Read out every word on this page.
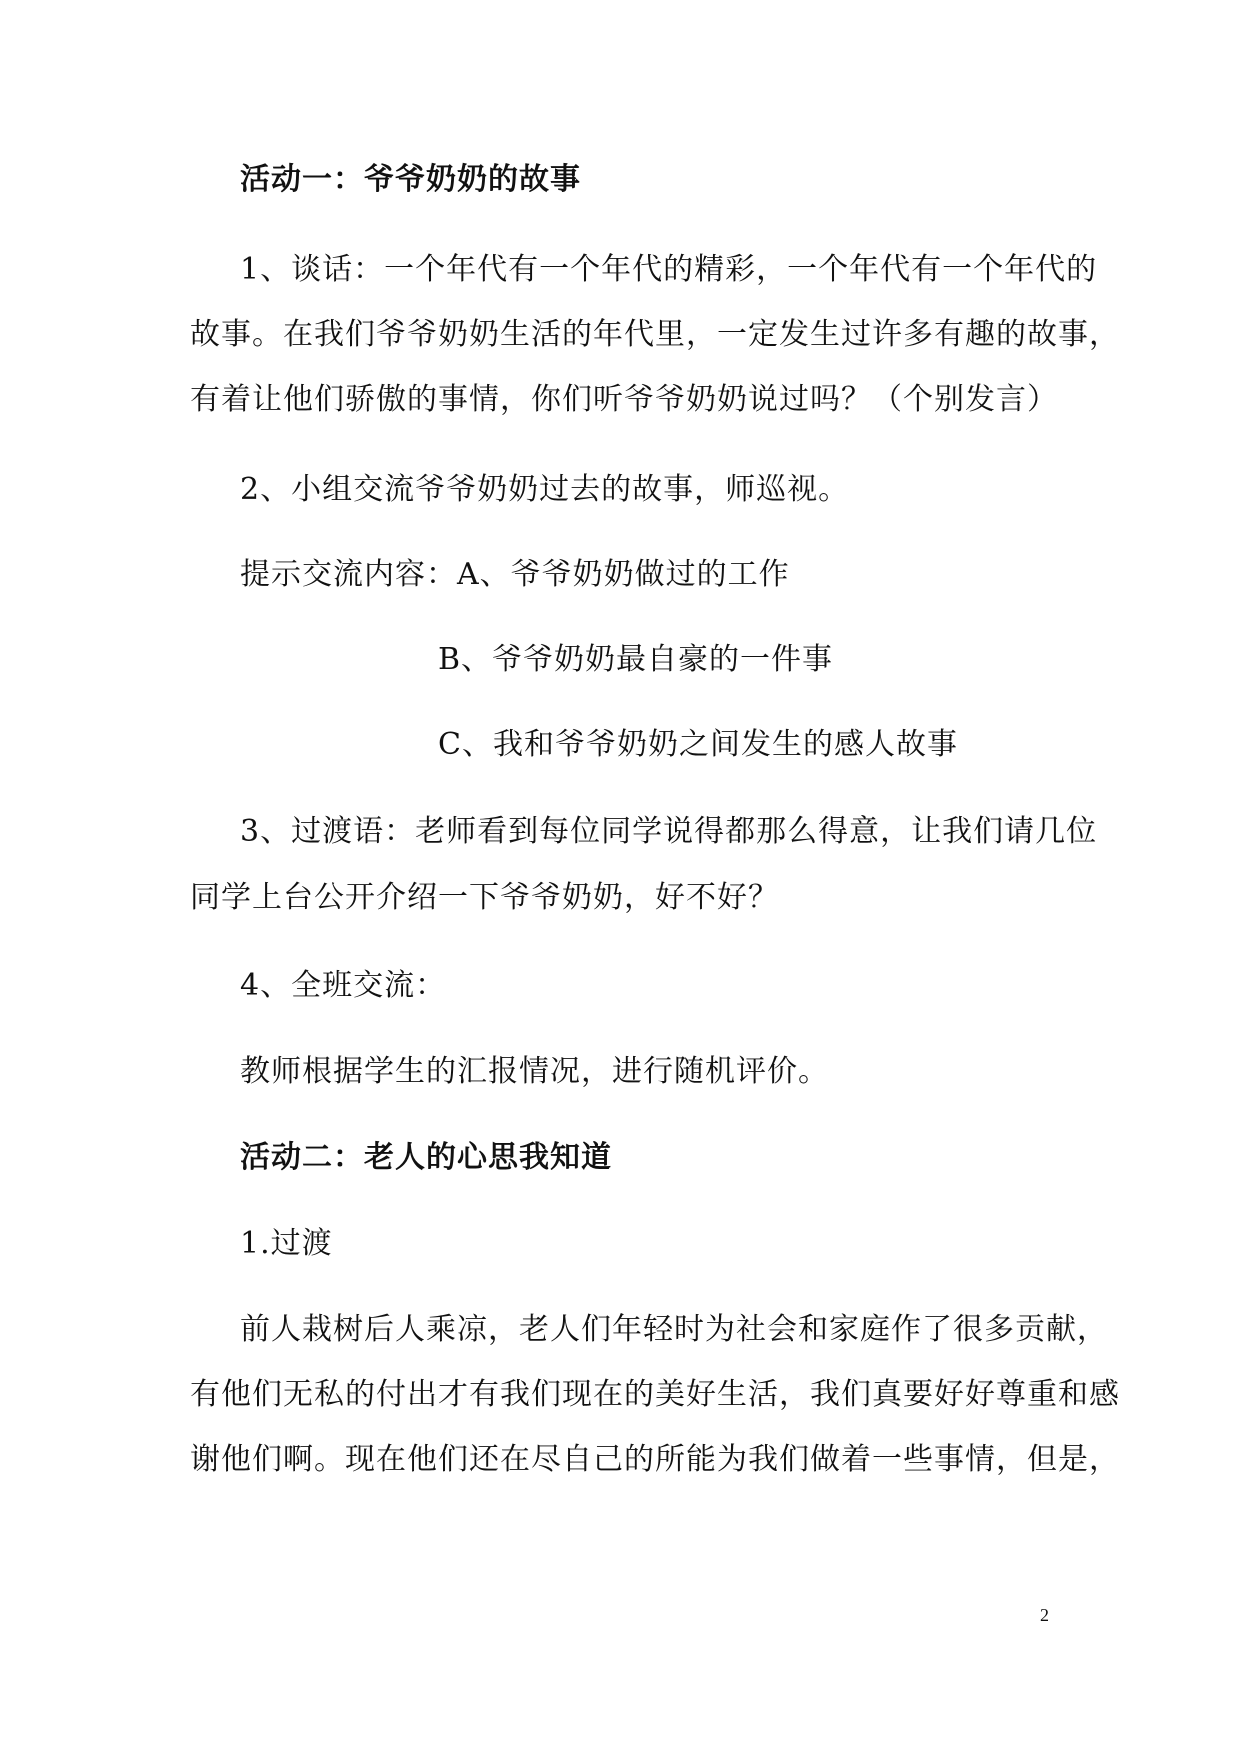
活动一：爷爷奶奶的故事
1、谈话：一个年代有一个年代的精彩，一个年代有一个年代的
故事。在我们爷爷奶奶生活的年代里，一定发生过许多有趣的故事，
有着让他们骄傲的事情，你们听爷爷奶奶说过吗？（个别发言）
2、小组交流爷爷奶奶过去的故事，师巡视。
提示交流内容：A、爷爷奶奶做过的工作
B、爷爷奶奶最自豪的一件事
C、我和爷爷奶奶之间发生的感人故事
3、过渡语：老师看到每位同学说得都那么得意，让我们请几位
同学上台公开介绍一下爷爷奶奶，好不好？
4、全班交流：
教师根据学生的汇报情况，进行随机评价。
活动二：老人的心思我知道
1.过渡
前人栽树后人乘凉，老人们年轻时为社会和家庭作了很多贡献，
有他们无私的付出才有我们现在的美好生活，我们真要好好尊重和感
谢他们啊。现在他们还在尽自己的所能为我们做着一些事情，但是，
2
